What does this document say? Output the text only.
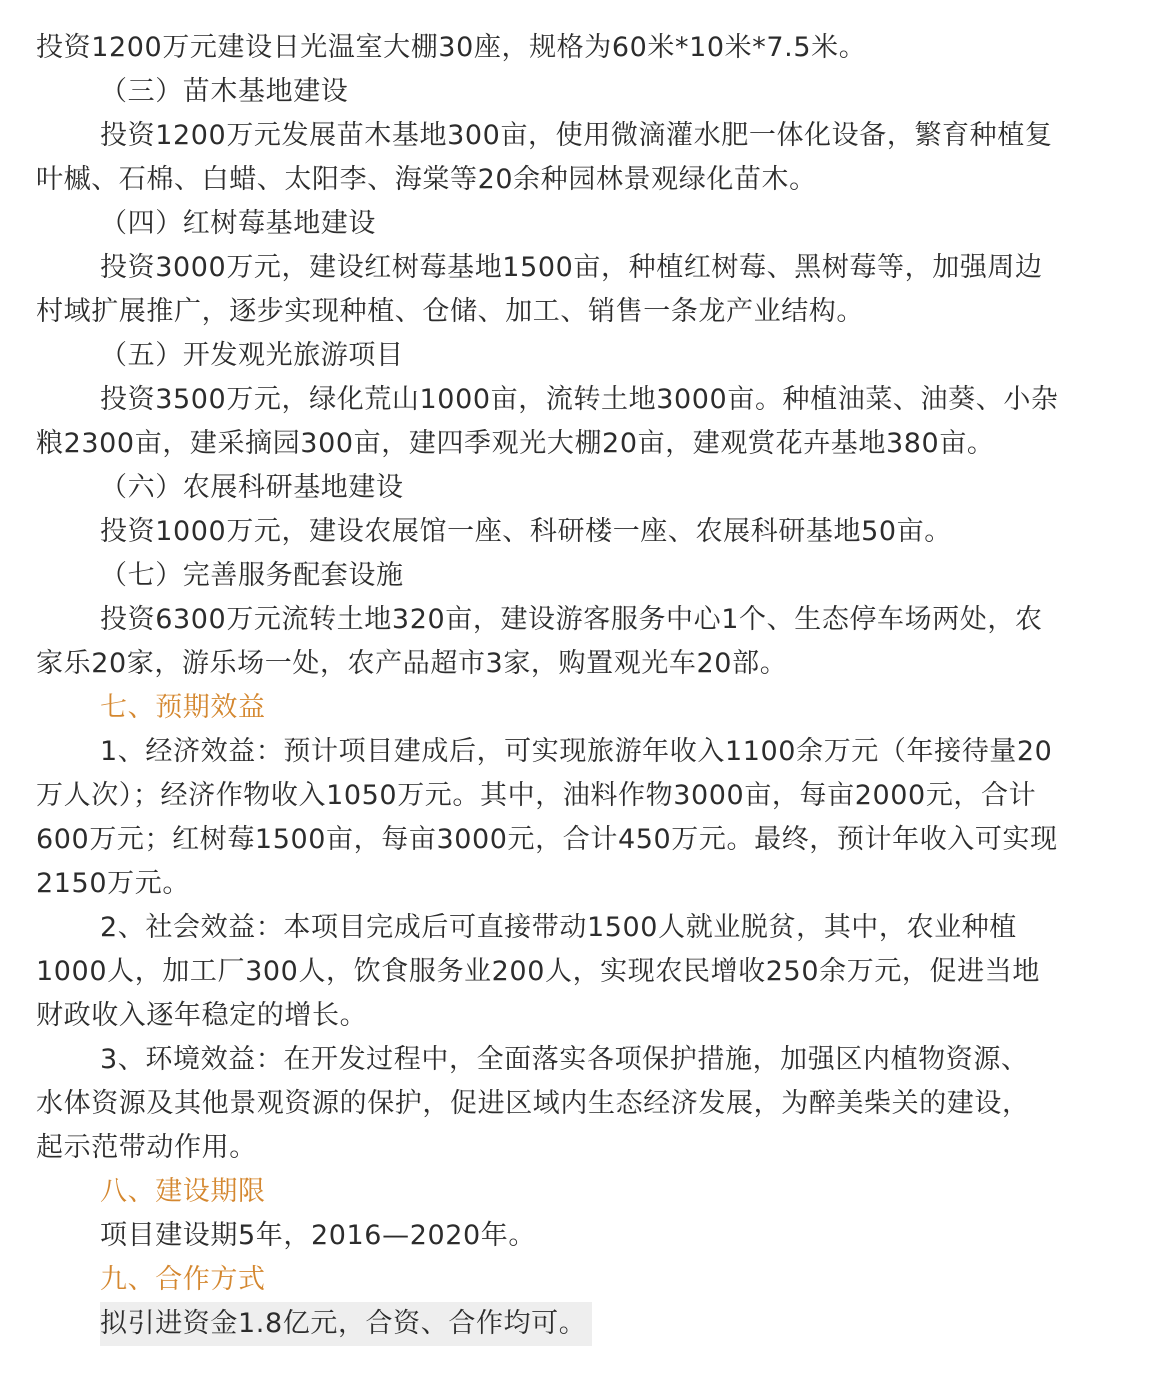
投资1200万元建设日光温室大棚30座，规格为60米*10米*7.5米。
（三）苗木基地建设
投资1200万元发展苗木基地300亩，使用微滴灌水肥一体化设备，繁育种植复
叶槭、石棉、白蜡、太阳李、海棠等20余种园林景观绿化苗木。
（四）红树莓基地建设
投资3000万元，建设红树莓基地1500亩，种植红树莓、黑树莓等，加强周边
村域扩展推广，逐步实现种植、仓储、加工、销售一条龙产业结构。
（五）开发观光旅游项目
投资3500万元，绿化荒山1000亩，流转土地3000亩。种植油菜、油葵、小杂
粮2300亩，建采摘园300亩，建四季观光大棚20亩，建观赏花卉基地380亩。
（六）农展科研基地建设
投资1000万元，建设农展馆一座、科研楼一座、农展科研基地50亩。
（七）完善服务配套设施
投资6300万元流转土地320亩，建设游客服务中心1个、生态停车场两处，农
家乐20家，游乐场一处，农产品超市3家，购置观光车20部。
七、预期效益
1、经济效益：预计项目建成后，可实现旅游年收入1100余万元（年接待量20
万人次）；经济作物收入1050万元。其中，油料作物3000亩，每亩2000元，合计
600万元；红树莓1500亩，每亩3000元，合计450万元。最终，预计年收入可实现
2150万元。
2、社会效益：本项目完成后可直接带动1500人就业脱贫，其中，农业种植
1000人，加工厂300人，饮食服务业200人，实现农民增收250余万元，促进当地
财政收入逐年稳定的增长。
3、环境效益：在开发过程中，全面落实各项保护措施，加强区内植物资源、
水体资源及其他景观资源的保护，促进区域内生态经济发展，为醉美柴关的建设，
起示范带动作用。
八、建设期限
项目建设期5年，2016—2020年。
九、合作方式
拟引进资金1.8亿元，合资、合作均可。
